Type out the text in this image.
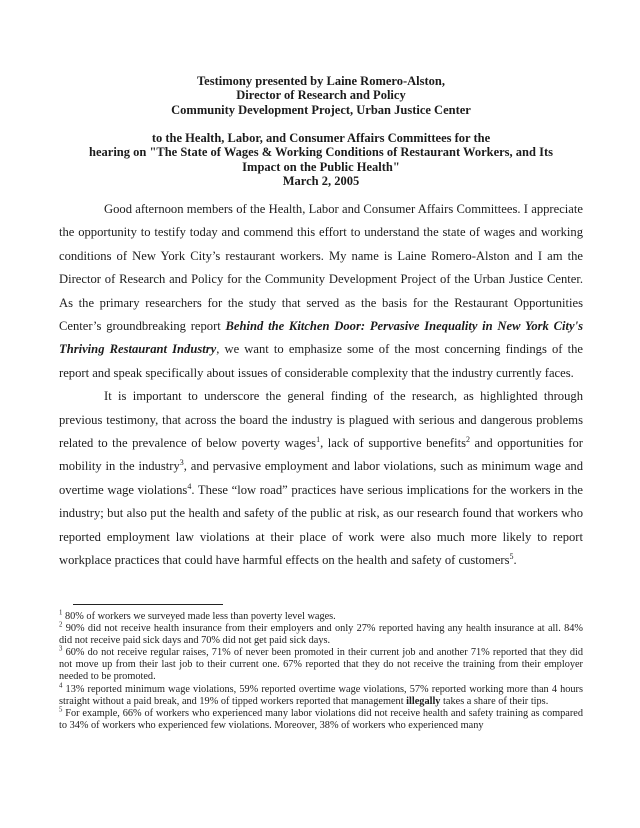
Testimony presented by Laine Romero-Alston,
Director of Research and Policy
Community Development Project, Urban Justice Center
to the Health, Labor, and Consumer Affairs Committees for the
hearing on "The State of Wages & Working Conditions of Restaurant Workers, and Its
Impact on the Public Health"
March 2, 2005

Good afternoon members of the Health, Labor and Consumer Affairs Committees. I appreciate the opportunity to testify today and commend this effort to understand the state of wages and working conditions of New York City’s restaurant workers. My name is Laine Romero-Alston and I am the Director of Research and Policy for the Community Development Project of the Urban Justice Center. As the primary researchers for the study that served as the basis for the Restaurant Opportunities Center’s groundbreaking report Behind the Kitchen Door: Pervasive Inequality in New York City's Thriving Restaurant Industry, we want to emphasize some of the most concerning findings of the report and speak specifically about issues of considerable complexity that the industry currently faces.

It is important to underscore the general finding of the research, as highlighted through previous testimony, that across the board the industry is plagued with serious and dangerous problems related to the prevalence of below poverty wages$^1$, lack of supportive benefits$^2$ and opportunities for mobility in the industry$^3$, and pervasive employment and labor violations, such as minimum wage and overtime wage violations$^4$. These “low road” practices have serious implications for the workers in the industry; but also put the health and safety of the public at risk, as our research found that workers who reported employment law violations at their place of work were also much more likely to report workplace practices that could have harmful effects on the health and safety of customers$^5$.

$^1$ 80% of workers we surveyed made less than poverty level wages.

$^2$ 90% did not receive health insurance from their employers and only 27% reported having any health insurance at all. 84% did not receive paid sick days and 70% did not get paid sick days.

$^3$ 60% do not receive regular raises, 71% of never been promoted in their current job and another 71% reported that they did not move up from their last job to their current one. 67% reported that they do not receive the training from their employer needed to be promoted.

$^4$ 13% reported minimum wage violations, 59% reported overtime wage violations, 57% reported working more than 4 hours straight without a paid break, and 19% of tipped workers reported that management illegally takes a share of their tips.

$^5$ For example, 66% of workers who experienced many labor violations did not receive health and safety training as compared to 34% of workers who experienced few violations. Moreover, 38% of workers who experienced many
